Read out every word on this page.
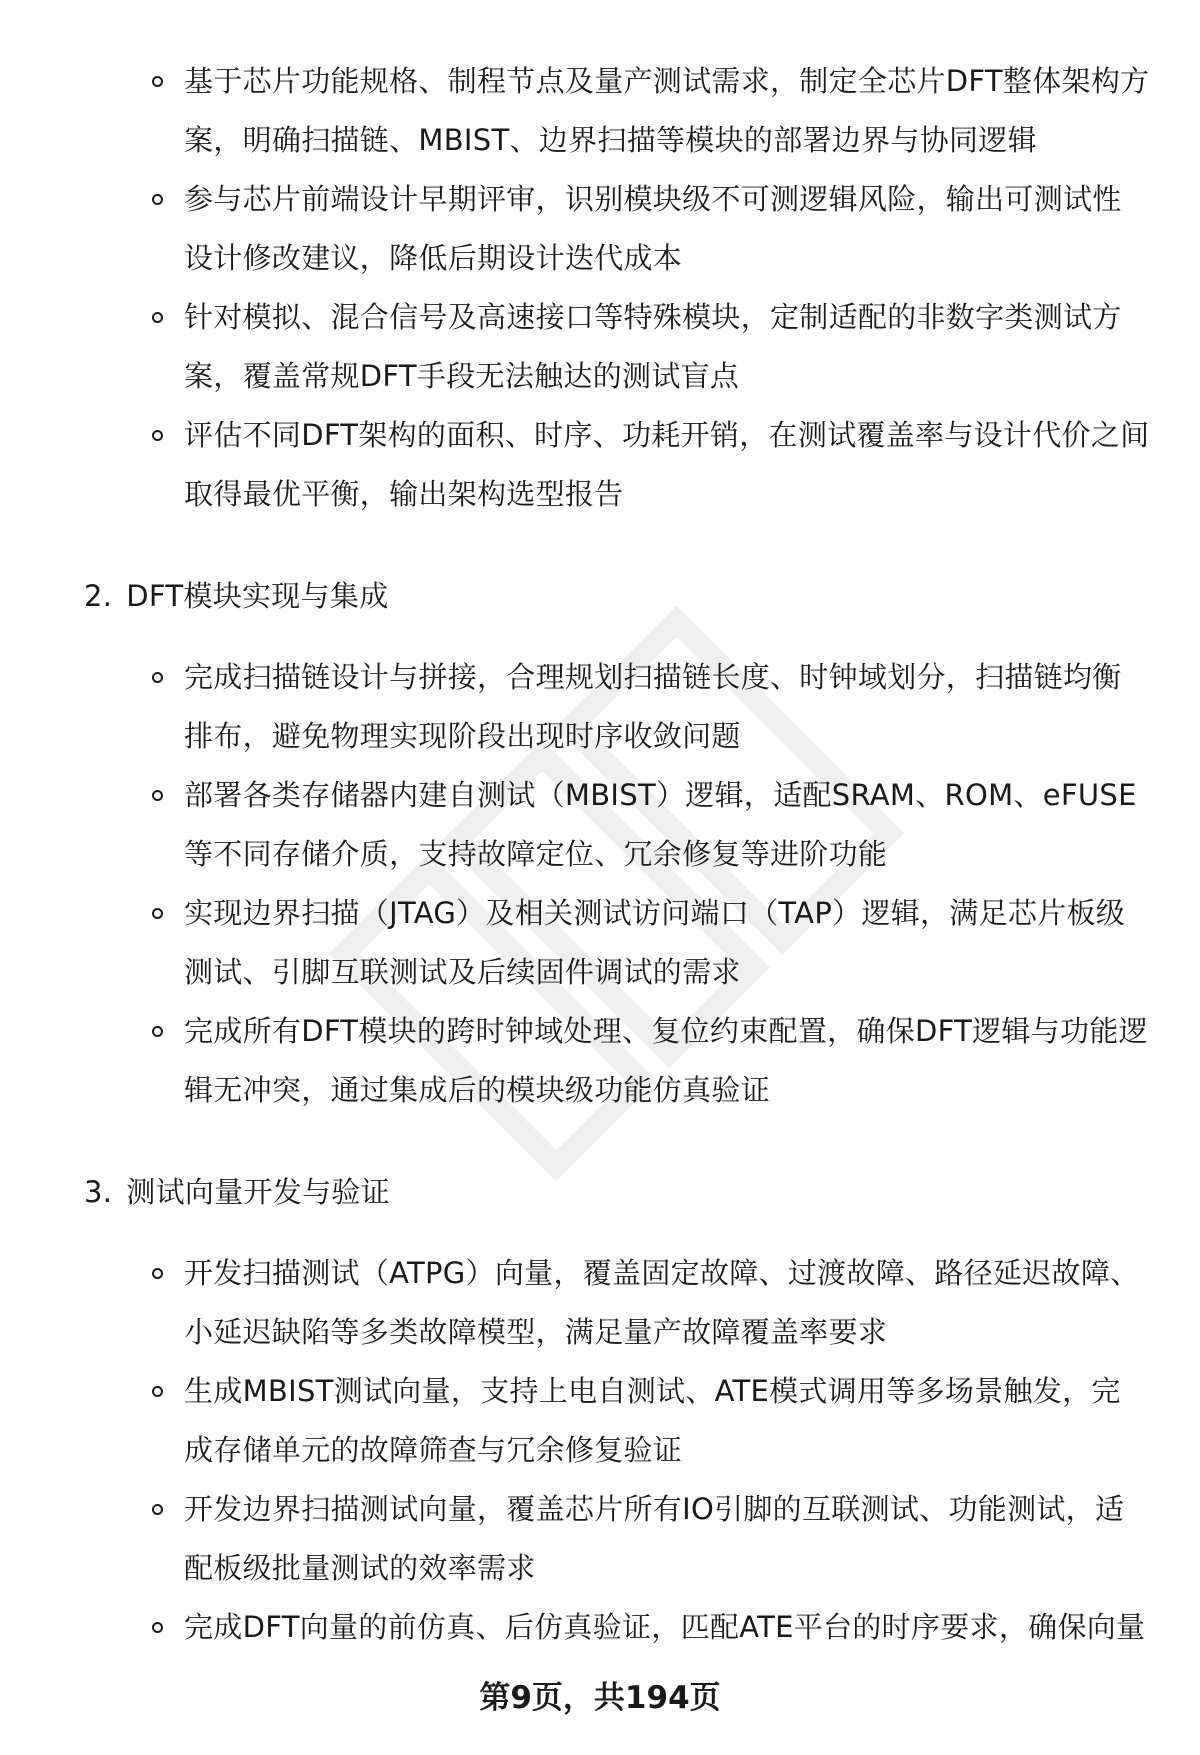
基于芯片功能规格、制程节点及量产测试需求，制定全芯片DFT整体架构方案，明确扫描链、MBIST、边界扫描等模块的部署边界与协同逻辑
参与芯片前端设计早期评审，识别模块级不可测逻辑风险，输出可测试性设计修改建议，降低后期设计迭代成本
针对模拟、混合信号及高速接口等特殊模块，定制适配的非数字类测试方案，覆盖常规DFT手段无法触达的测试盲点
评估不同DFT架构的面积、时序、功耗开销，在测试覆盖率与设计代价之间取得最优平衡，输出架构选型报告
2. DFT模块实现与集成
完成扫描链设计与拼接，合理规划扫描链长度、时钟域划分，扫描链均衡排布，避免物理实现阶段出现时序收敛问题
部署各类存储器内建自测试（MBIST）逻辑，适配SRAM、ROM、eFUSE等不同存储介质，支持故障定位、冗余修复等进阶功能
实现边界扫描（JTAG）及相关测试访问端口（TAP）逻辑，满足芯片板级测试、引脚互联测试及后续固件调试的需求
完成所有DFT模块的跨时钟域处理、复位约束配置，确保DFT逻辑与功能逻辑无冲突，通过集成后的模块级功能仿真验证
3. 测试向量开发与验证
开发扫描测试（ATPG）向量，覆盖固定故障、过渡故障、路径延迟故障、小延迟缺陷等多类故障模型，满足量产故障覆盖率要求
生成MBIST测试向量，支持上电自测试、ATE模式调用等多场景触发，完成存储单元的故障筛查与冗余修复验证
开发边界扫描测试向量，覆盖芯片所有IO引脚的互联测试、功能测试，适配板级批量测试的效率需求
完成DFT向量的前仿真、后仿真验证，匹配ATE平台的时序要求，确保向量
第9页，共194页
